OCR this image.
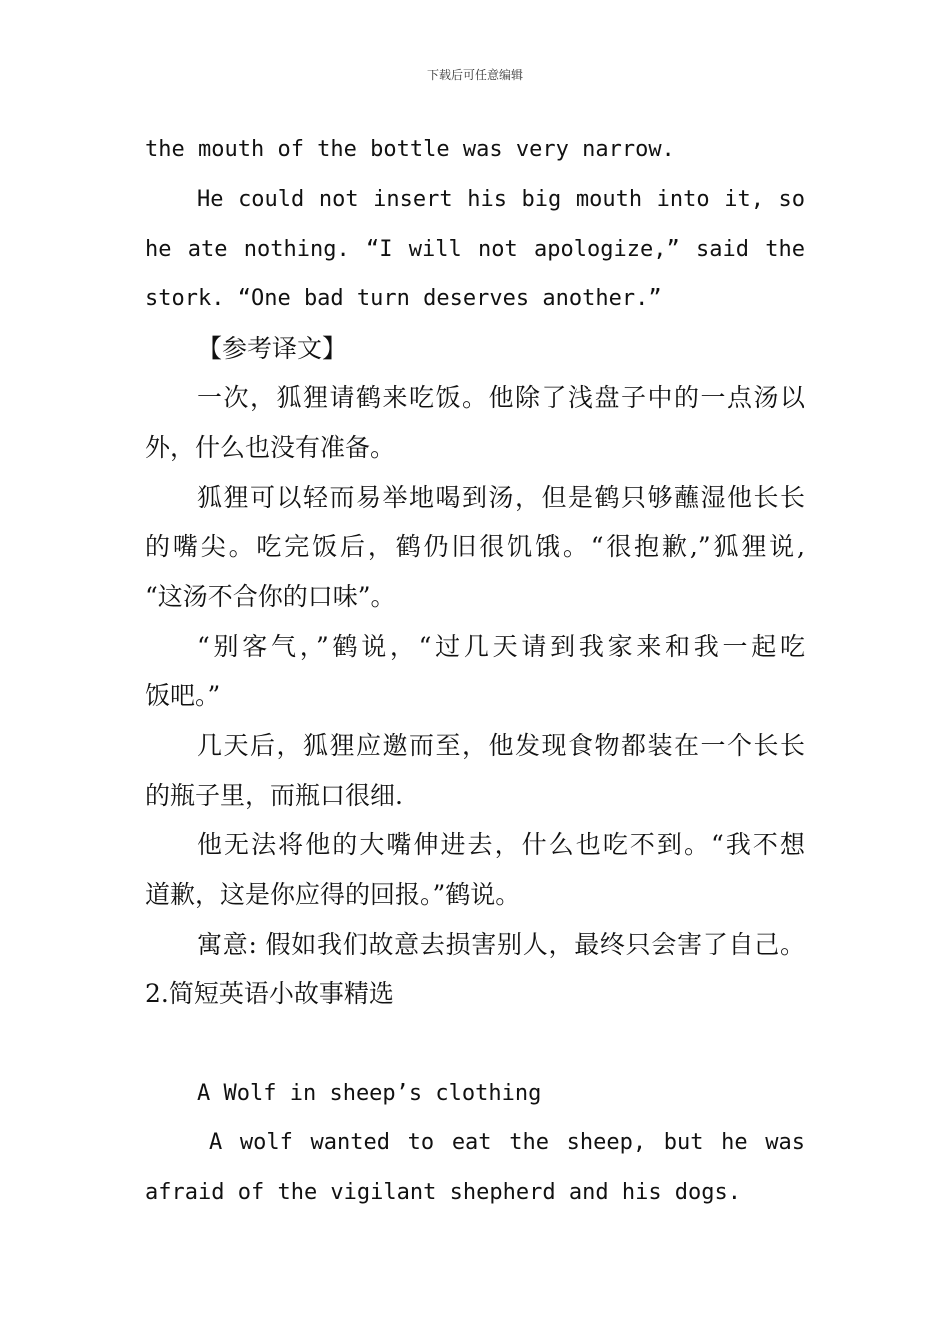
下载后可任意编辑
the mouth of the bottle was very narrow.
He could not insert his big mouth into it, so
he ate nothing. “I will not apologize,” said the
stork. “One bad turn deserves another.”
【参考译文】
一次，狐狸请鹤来吃饭。他除了浅盘子中的一点汤以
外，什么也没有准备。
狐狸可以轻而易举地喝到汤，但是鹤只够蘸湿他长长
的嘴尖。吃完饭后，鹤仍旧很饥饿。“很抱歉,”狐狸说,
“这汤不合你的口味”。
“别客气，”鹤说，“过几天请到我家来和我一起吃
饭吧。”
几天后，狐狸应邀而至，他发现食物都装在一个长长
的瓶子里，而瓶口很细.
他无法将他的大嘴伸进去，什么也吃不到。“我不想
道歉，这是你应得的回报。”鹤说。
寓意: 假如我们故意去损害别人，最终只会害了自己。
2.简短英语小故事精选
A Wolf in sheep’s clothing
A wolf wanted to eat the sheep, but he was
afraid of the vigilant shepherd and his dogs.
